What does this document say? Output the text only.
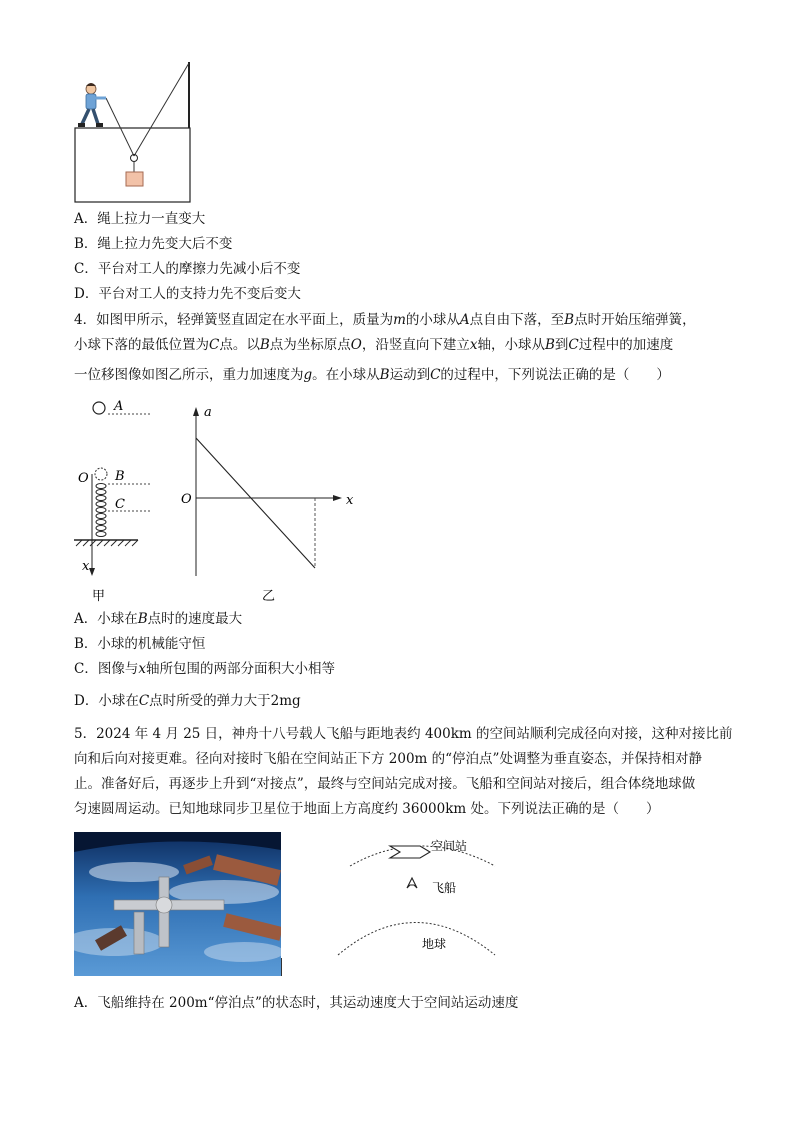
A．绳上拉力一直变大
B．绳上拉力先变大后不变
C．平台对工人的摩擦力先减小后不变
D．平台对工人的支持力先不变后变大
4．如图甲所示，轻弹簧竖直固定在水平面上，质量为m的小球从A点自由下落，至B点时开始压缩弹簧，
小球下落的最低位置为C点。以B点为坐标原点O，沿竖直向下建立x轴，小球从B到C过程中的加速度
一位移图像如图乙所示，重力加速度为g。在小球从B运动到C的过程中，下列说法正确的是（　　）
A
B
O
C
x
甲
a
x
O
乙
A．小球在B点时的速度最大
B．小球的机械能守恒
C．图像与x轴所包围的两部分面积大小相等
D．小球在C点时所受的弹力大于2mg
5．2024 年 4 月 25 日，神舟十八号载人飞船与距地表约 400km 的空间站顺利完成径向对接，这种对接比前
向和后向对接更难。径向对接时飞船在空间站正下方 200m 的“停泊点”处调整为垂直姿态，并保持相对静
止。准备好后，再逐步上升到“对接点”，最终与空间站完成对接。飞船和空间站对接后，组合体绕地球做
匀速圆周运动。已知地球同步卫星位于地面上方高度约 36000km 处。下列说法正确的是（　　）
空间站
飞船
地球
A．飞船维持在 200m“停泊点”的状态时，其运动速度大于空间站运动速度
